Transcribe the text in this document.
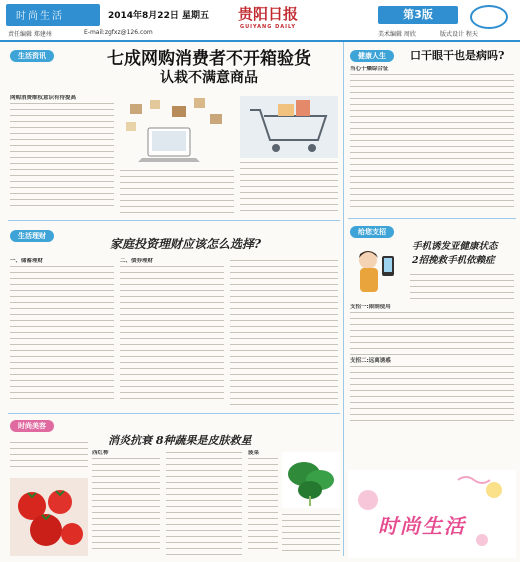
时尚生活	2014年8月22日 星期五 贵阳日报
GUIYANG DAILY
第3版
责任编辑 郑建州	E-mail:zgfxz@126.com	美术编辑 周欣	版式设计 程天
生活资讯	七成网购消费者不开箱验货
认栽不满意商品
网购消费维权意识有待提高
生活理财
家庭投资理财应该怎么选择?
一、储蓄理财	二、债券理财
时尚美容
消炎抗衰 8种蔬果是皮肤救星
西红柿	菠菜
健康人生	口干眼干也是病吗?
当心干燥综合征
给您支招
手机诱发亚健康状态
2招挽救手机依赖症
支招一:限制使用
支招二:远离诱惑
时尚生活
